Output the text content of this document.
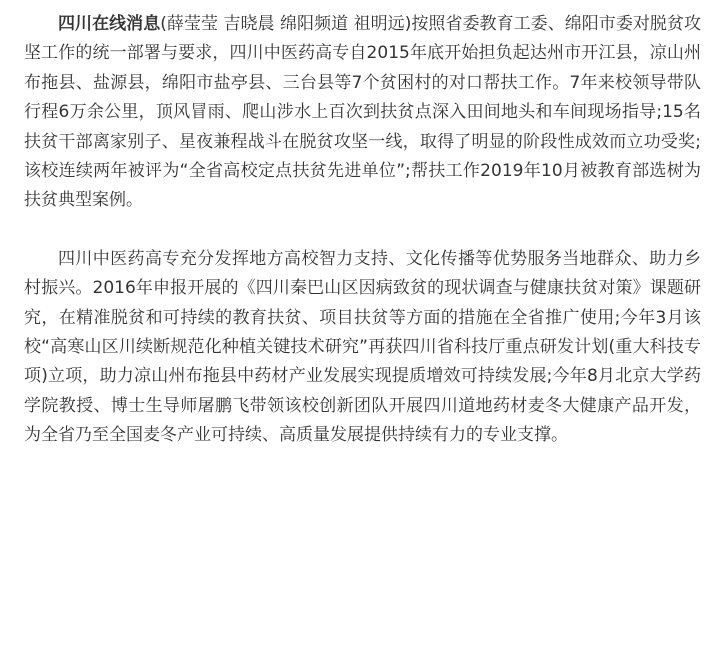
四川在线消息(薛莹莹 吉晓晨 绵阳频道 祖明远)按照省委教育工委、绵阳市委对脱贫攻坚工作的统一部署与要求，四川中医药高专自2015年底开始担负起达州市开江县，凉山州布拖县、盐源县，绵阳市盐亭县、三台县等7个贫困村的对口帮扶工作。7年来校领导带队行程6万余公里，顶风冒雨、爬山涉水上百次到扶贫点深入田间地头和车间现场指导;15名扶贫干部离家别子、星夜兼程战斗在脱贫攻坚一线，取得了明显的阶段性成效而立功受奖;该校连续两年被评为“全省高校定点扶贫先进单位”;帮扶工作2019年10月被教育部选树为扶贫典型案例。

四川中医药高专充分发挥地方高校智力支持、文化传播等优势服务当地群众、助力乡村振兴。2016年申报开展的《四川秦巴山区因病致贫的现状调查与健康扶贫对策》课题研究，在精准脱贫和可持续的教育扶贫、项目扶贫等方面的措施在全省推广使用;今年3月该校“高寒山区川续断规范化种植关键技术研究”再获四川省科技厅重点研发计划(重大科技专项)立项，助力凉山州布拖县中药材产业发展实现提质增效可持续发展;今年8月北京大学药学院教授、博士生导师屠鹏飞带领该校创新团队开展四川道地药材麦冬大健康产品开发，为全省乃至全国麦冬产业可持续、高质量发展提供持续有力的专业支撑。
